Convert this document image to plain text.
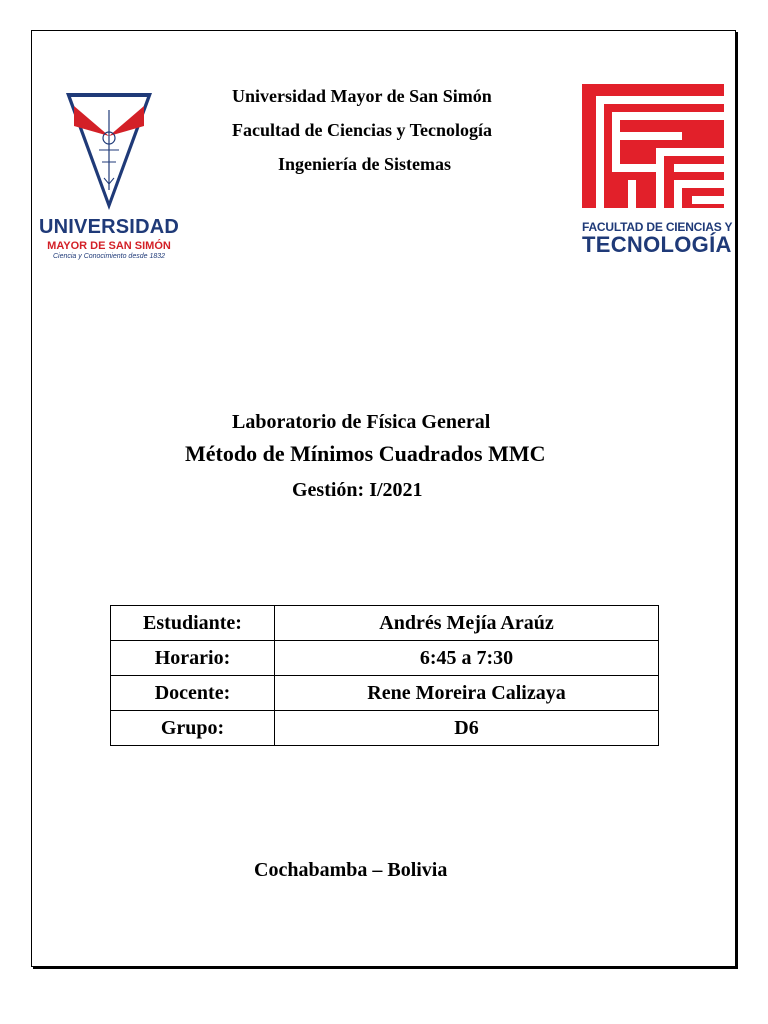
UMSS
UNIVERSIDAD
MAYOR DE SAN SIMÓN
Ciencia y Conocimiento desde 1832
Universidad Mayor de San Simón
Facultad de Ciencias y Tecnología
Ingeniería de Sistemas
FACULTAD DE CIENCIAS Y
TECNOLOGÍA
Laboratorio de Física General
Método de Mínimos Cuadrados MMC
Gestión: I/2021
Estudiante:	Andrés Mejía Araúz
Horario:	6:45 a 7:30
Docente:	Rene Moreira Calizaya
Grupo:	D6
Cochabamba – Bolivia
